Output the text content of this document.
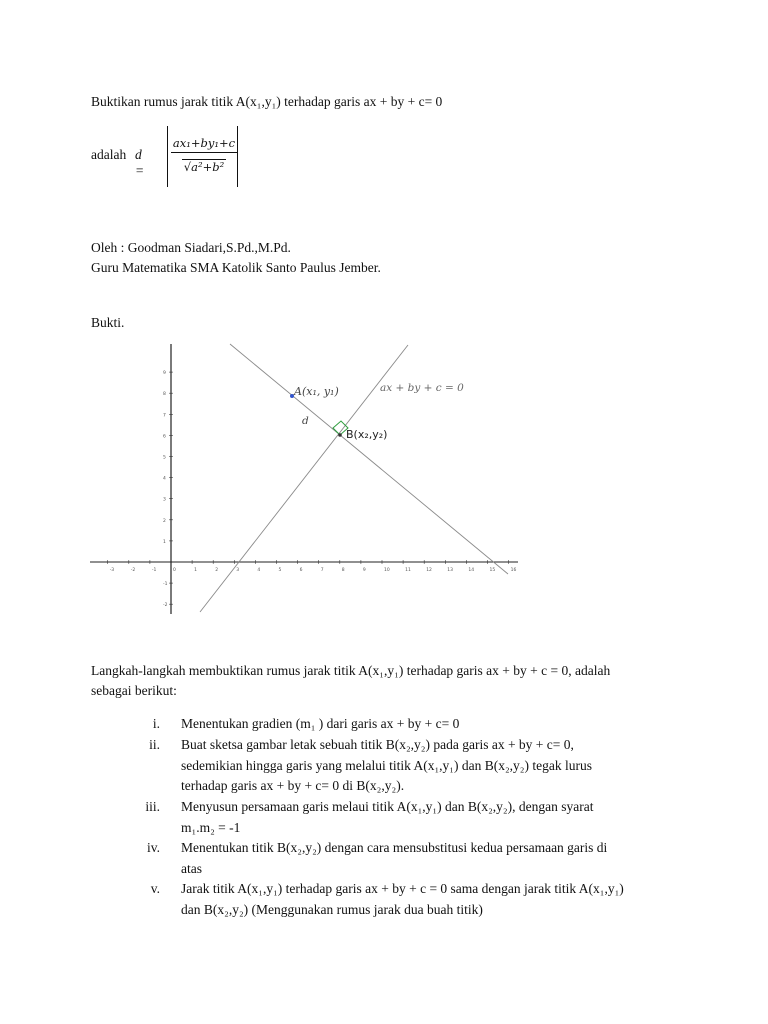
Buktikan rumus jarak titik A(x₁,y₁) terhadap garis ax + by + c= 0
adalah $d = \frac{\text{ax₁+by₁+c}}{\text{√a²+b²}}$
Oleh : Goodman Siadari,S.Pd.,M.Pd.
Guru Matematika SMA Katolik Santo Paulus Jember.
Bukti.
-3	-2	-1	0	1	2	3	4	5	6	7	8	9	10	11	12	13	14	15	16
9
8
7
6
5
4
3
2
1
-1
-2
A(x₁, y₁)	ax + by + c = 0
d
B(x₂,y₂)
Langkah-langkah membuktikan rumus jarak titik A(x₁,y₁) terhadap garis ax + by + c = 0, adalah
sebagai berikut:
i. Menentukan gradien (m₁ ) dari garis ax + by + c= 0
ii. Buat sketsa gambar letak sebuah titik B(x₂,y₂) pada garis ax + by + c= 0,
sedemikian hingga garis yang melalui titik A(x₁,y₁) dan B(x₂,y₂) tegak lurus
terhadap garis ax + by + c= 0 di B(x₂,y₂).
iii. Menyusun persamaan garis melaui titik A(x₁,y₁) dan B(x₂,y₂), dengan syarat
m₁.m₂ = -1
iv. Menentukan titik B(x₂,y₂) dengan cara mensubstitusi kedua persamaan garis di
atas
v. Jarak titik A(x₁,y₁) terhadap garis ax + by + c = 0 sama dengan jarak titik A(x₁,y₁)
dan B(x₂,y₂) (Menggunakan rumus jarak dua buah titik)
